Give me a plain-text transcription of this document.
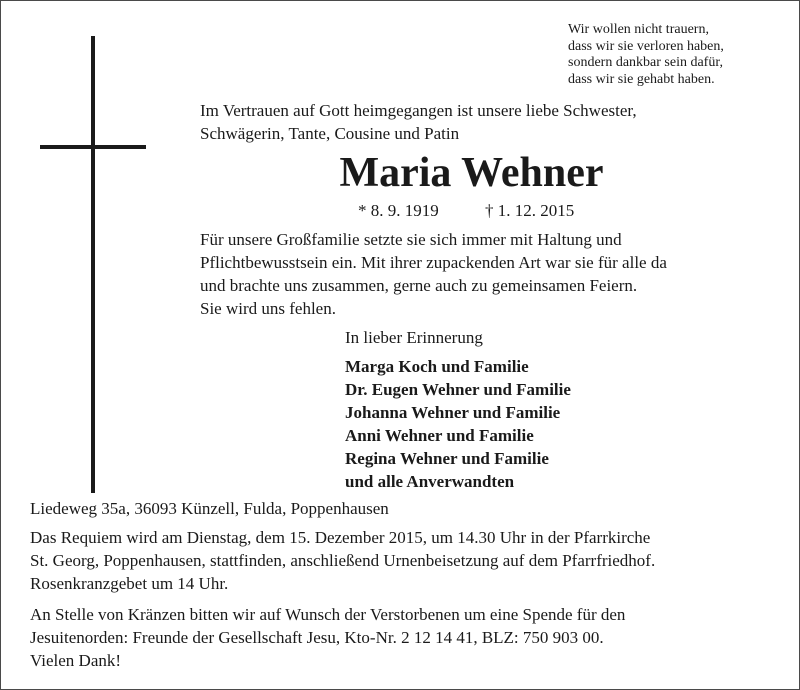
Wir wollen nicht trauern,
dass wir sie verloren haben,
sondern dankbar sein dafür,
dass wir sie gehabt haben.
Im Vertrauen auf Gott heimgegangen ist unsere liebe Schwester,
Schwägerin, Tante, Cousine und Patin
Maria Wehner
* 8. 9. 1919	† 1. 12. 2015
Für unsere Großfamilie setzte sie sich immer mit Haltung und
Pflichtbewusstsein ein. Mit ihrer zupackenden Art war sie für alle da
und brachte uns zusammen, gerne auch zu gemeinsamen Feiern.
Sie wird uns fehlen.
In lieber Erinnerung
Marga Koch und Familie
Dr. Eugen Wehner und Familie
Johanna Wehner und Familie
Anni Wehner und Familie
Regina Wehner und Familie
und alle Anverwandten
Liedeweg 35a, 36093 Künzell, Fulda, Poppenhausen
Das Requiem wird am Dienstag, dem 15. Dezember 2015, um 14.30 Uhr in der Pfarrkirche
St. Georg, Poppenhausen, stattfinden, anschließend Urnenbeisetzung auf dem Pfarrfriedhof.
Rosenkranzgebet um 14 Uhr.
An Stelle von Kränzen bitten wir auf Wunsch der Verstorbenen um eine Spende für den
Jesuitenorden: Freunde der Gesellschaft Jesu, Kto-Nr. 2 12 14 41, BLZ: 750 903 00.
Vielen Dank!
